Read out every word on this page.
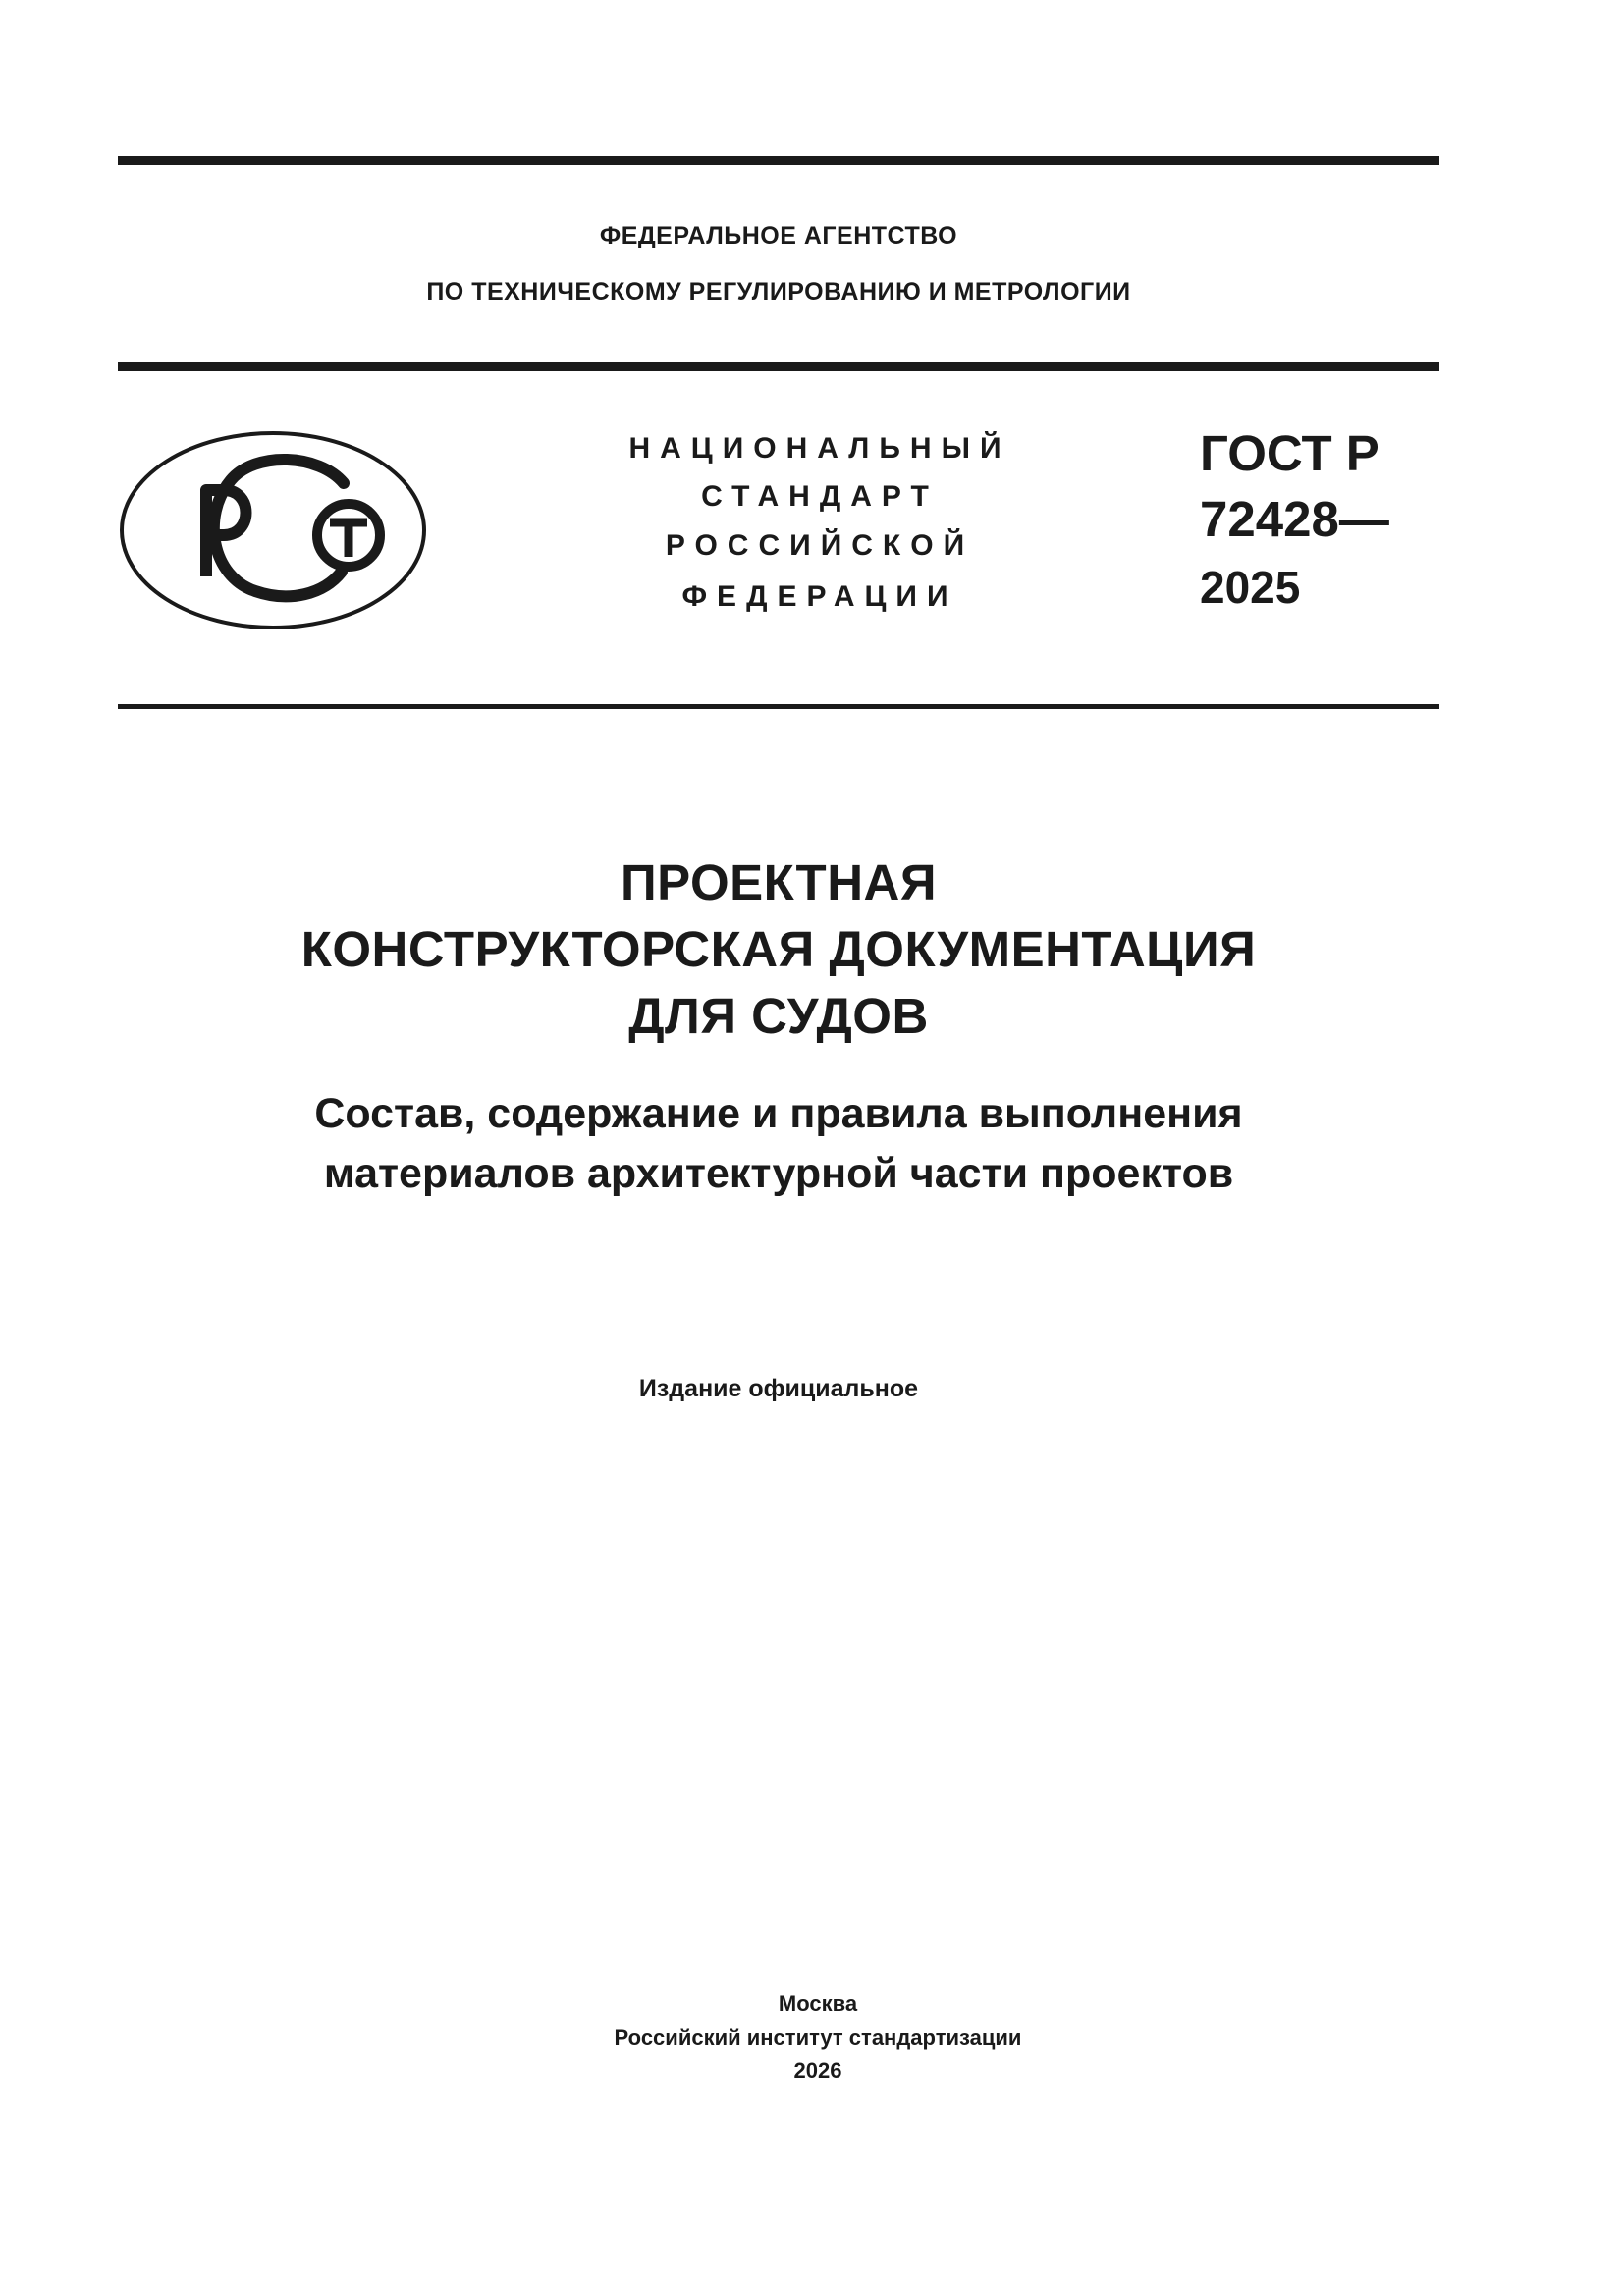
ФЕДЕРАЛЬНОЕ АГЕНТСТВО
ПО ТЕХНИЧЕСКОМУ РЕГУЛИРОВАНИЮ И МЕТРОЛОГИИ
НАЦИОНАЛЬНЫЙ
СТАНДАРТ
РОССИЙСКОЙ
ФЕДЕРАЦИИ
ГОСТ Р
72428—
2025
ПРОЕКТНАЯ
КОНСТРУКТОРСКАЯ ДОКУМЕНТАЦИЯ
ДЛЯ СУДОВ
Состав, содержание и правила выполнения
материалов архитектурной части проектов
Издание официальное
Москва
Российский институт стандартизации
2026
